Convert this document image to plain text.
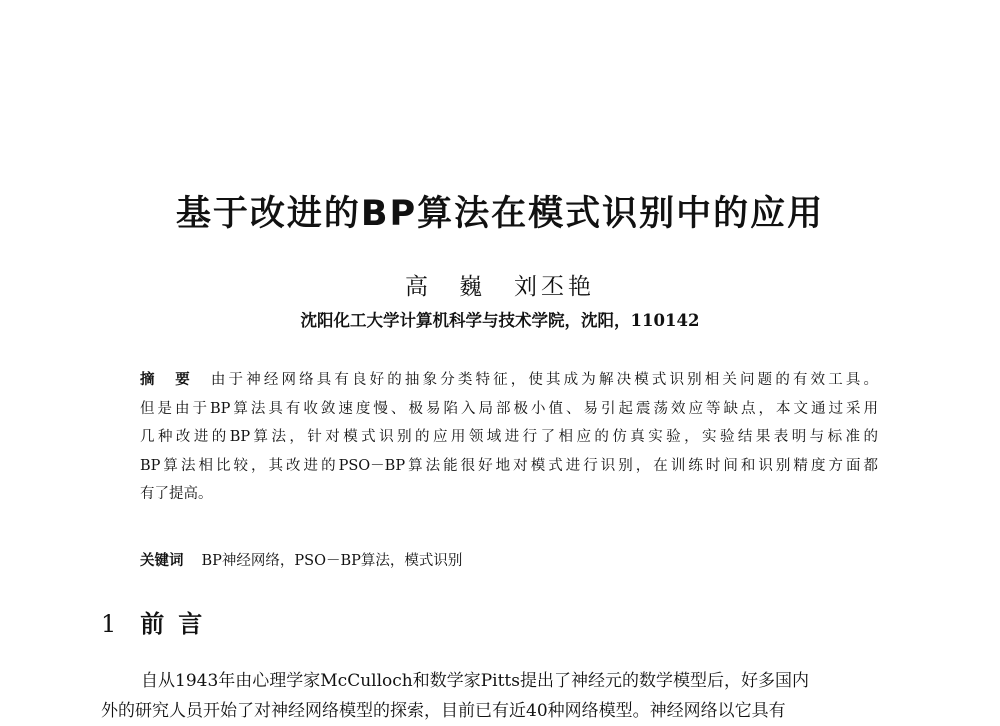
基于改进的BP算法在模式识别中的应用
高　巍 刘丕艳
沈阳化工大学计算机科学与技术学院，沈阳，110142
摘　要 由于神经网络具有良好的抽象分类特征，使其成为解决模式识别相关问题的有效工具。
但是由于BP算法具有收敛速度慢、极易陷入局部极小值、易引起震荡效应等缺点，本文通过采用
几种改进的BP算法，针对模式识别的应用领域进行了相应的仿真实验，实验结果表明与标准的
BP算法相比较，其改进的PSO－BP算法能很好地对模式进行识别，在训练时间和识别精度方面都
有了提高。
关键词 BP神经网络，PSO－BP算法，模式识别
1 前言
自从1943年由心理学家McCulloch和数学家Pitts提出了神经元的数学模型后，好多国内
外的研究人员开始了对神经网络模型的探索，目前已有近40种网络模型。神经网络以它具有
